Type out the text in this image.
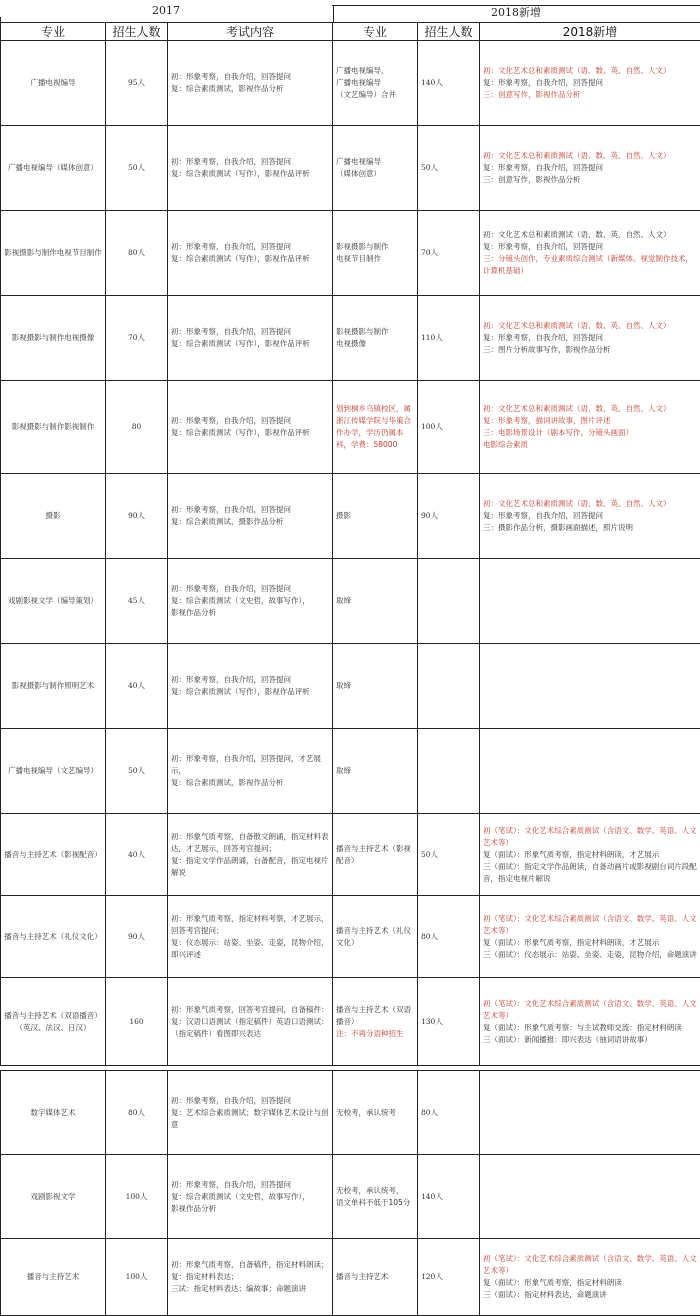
2017	2018新增
专业	招生人数	考试内容	专业	招生人数	2018新增
广播电视编导	95人	初：形象考察，自我介绍，回答提问
复：综合素质测试，影视作品分析	广播电视编导、
广播电视编导
（文艺编导）合并	140人	初：文化艺术总和素质测试（语、数、英、自然、人文）
复：形象考察，自我介绍，回答提问
三：创意写作，影视作品分析

广播电视编导（媒体创意）	50人	初：形象考察，自我介绍，回答提问
复：综合素质测试（写作），影视作品评析	广播电视编导
（媒体创意）	50人	初：文化艺术总和素质测试（语、数、英、自然、人文）
复：形象考察，自我介绍，回答提问
三：创意写作，影视作品分析

影视摄影与制作电视节目制作	80人	初：形象考察，自我介绍，回答提问
复：综合素质测试（写作），影视作品评析	影视摄影与制作
电视节目制作	70人	初：文化艺术总和素质测试（语、数、英、自然、人文）
复：形象考察，自我介绍，回答提问
三：分镜头创作，专业素质综合测试（新媒体、视觉制作技术，计算机基础）

影视摄影与制作电视摄像	70人	初：形象考察，自我介绍，回答提问
复：综合素质测试（写作），影视作品评析	影视摄影与制作
电视摄像	110人	初：文化艺术总和素质测试（语、数、英、自然、人文）
复：形象考察，自我介绍，回答提问
三：图片分析故事写作，影视作品分析

影视摄影与制作影视制作	80	初：形象考察，自我介绍，回答提问
复：综合素质测试（写作），影视作品评析	划到桐乡乌镇校区，属浙江传媒学院与华策合作办学，学历仍属本科，学费：58000	100人	初：文化艺术总和素质测试（语、数、英、自然、人文）
复：形象考察，描词讲故事，图片评述
三：电影场景设计（剧本写作，分镜头画面）
电影综合素质

摄影	90人	初：形象考察，自我介绍，回答提问
复：综合素质测试，摄影作品分析	摄影	90人	初：文化艺术总和素质测试（语、数、英、自然、人文）
复：形象考察，自我介绍，回答提问
三：摄影作品分析，摄影画面描述，照片说明

戏剧影视文学（编导策划）	45人	初：形象考察，自我介绍，回答提问
复：综合素质测试（文史哲，故事写作），
影视作品分析	取缔		

影视摄影与制作照明艺术	40人	初：形象考察，自我介绍，回答提问
复：综合素质测试（写作），影视作品评析	取缔		

广播电视编导（文艺编导）	50人	初：形象考察，自我介绍，回答提问，才艺展示，
复：综合素质测试，影视作品分析	取缔		

播音与主持艺术（影视配音）	40人	初：形象气质考察，自备散文朗诵，指定材料表达，才艺展示，回答考官提问；
复：指定文学作品朗诵，台备配音，指定电视片解说	播音与主持艺术（影视配音）	50人	初（笔试）：文化艺术综合素质测试（含语文、数学、英语、人文艺术等）
复（面试）：形象气质考察，指定材料朗读，才艺展示
三（面试）：指定文学作品朗读，自备动画片或影视剧台词片段配音，指定电视片解说

播音与主持艺术（礼仪文化）	90人	初：形象气质考察，指定材料考察，才艺展示，回答考官提问；
复：仪态展示：站姿、坐姿、走姿，昆物介绍，即兴评述	播音与主持艺术（礼仪文化）	80人	初（笔试）：文化艺术综合素质测试（含语文、数学、英语、人文艺术等）
复（面试）：形象气质考察，指定材料朗读，才艺展示
三（面试）：仪态展示：站姿、坐姿、走姿，昆物介绍，命题演讲

播音与主持艺术（双语播音）（英汉、法汉、日汉）	160	初：形象气质考察，回答考官提问，自备稿件：
复：汉语口语测试（指定稿件）英语口语测试：（指定稿件）看图即兴表达	播音与主持艺术（双语播音）
注：不再分语种招生	130人	初（笔试）：文化艺术综合素质测试（含语文、数学、英语、人文艺术等）
复（面试）：形象气质考察：与主试教师交流：指定材料朗读
三（面试）：新闻播报：即兴表达（抽词语讲故事）

数字媒体艺术	80人	初：形象考察，自我介绍，回答提问
复：艺术综合素质测试；数字媒体艺术设计与创意	无校考，承认统考	80人	
戏剧影视文学	100人	初：形象考察，自我介绍，回答提问
复：综合素质测试（文史哲，故事写作），
影视作品分析	无校考，承认统考，
语文单科不低于105分	140人	
播音与主持艺术	100人	初：形象气质考察，自备稿件，指定材料朗读；
复：指定材料表达；
三试：指定材料表达；编故事；命题演讲	播音与主持艺术	120人	初（笔试）：文化艺术综合素质测试（含语文、数学、英语、人文艺术等）
复（面试）：形象气质考察，指定材料朗读
三（面试）：指定材料表达，命题演讲
